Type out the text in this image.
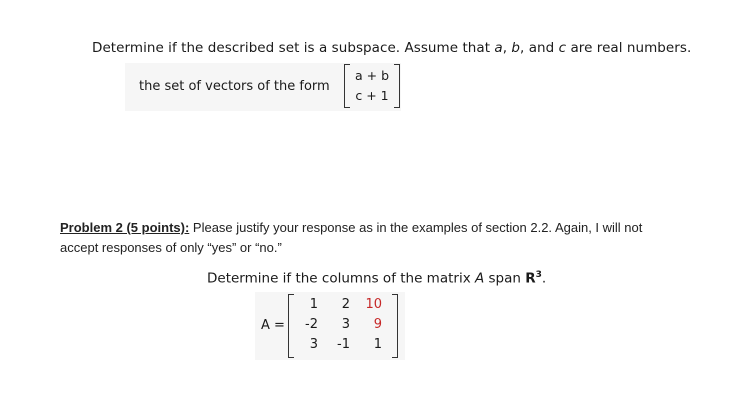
Determine if the described set is a subspace. Assume that a, b, and c are real numbers.
the set of vectors of the form
a + b
c + 1
Problem 2 (5 points): Please justify your response as in the examples of section 2.2. Again, I will not accept responses of only “yes” or “no.”
Determine if the columns of the matrix A span $R^3$.
A =
1	2	10
-2	3	9
3	-1	1
